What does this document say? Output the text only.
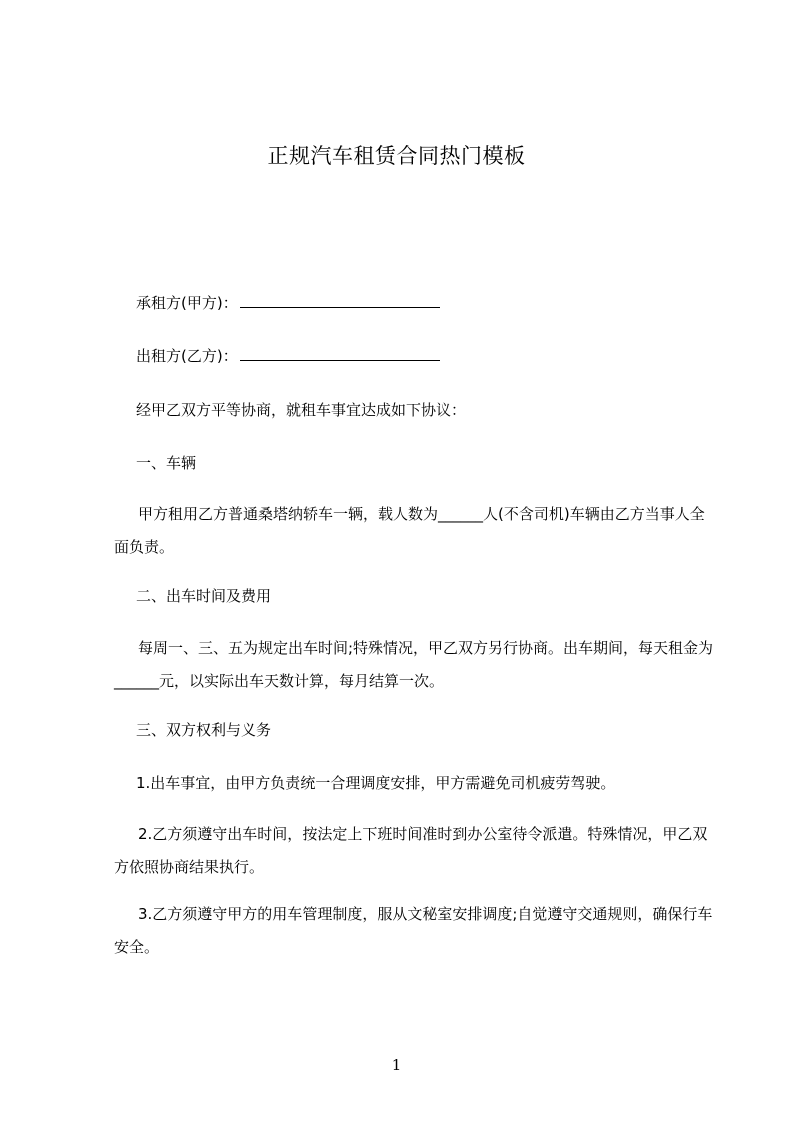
正规汽车租赁合同热门模板
承租方(甲方)：
出租方(乙方)：
经甲乙双方平等协商，就租车事宜达成如下协议：
一、车辆
甲方租用乙方普通桑塔纳轿车一辆，载人数为______人(不含司机)车辆由乙方当事人全面负责。
二、出车时间及费用
每周一、三、五为规定出车时间;特殊情况，甲乙双方另行协商。出车期间，每天租金为______元，以实际出车天数计算，每月结算一次。
三、双方权利与义务
1.出车事宜，由甲方负责统一合理调度安排，甲方需避免司机疲劳驾驶。
2.乙方须遵守出车时间，按法定上下班时间准时到办公室待令派遣。特殊情况，甲乙双方依照协商结果执行。
3.乙方须遵守甲方的用车管理制度，服从文秘室安排调度;自觉遵守交通规则，确保行车安全。
1
